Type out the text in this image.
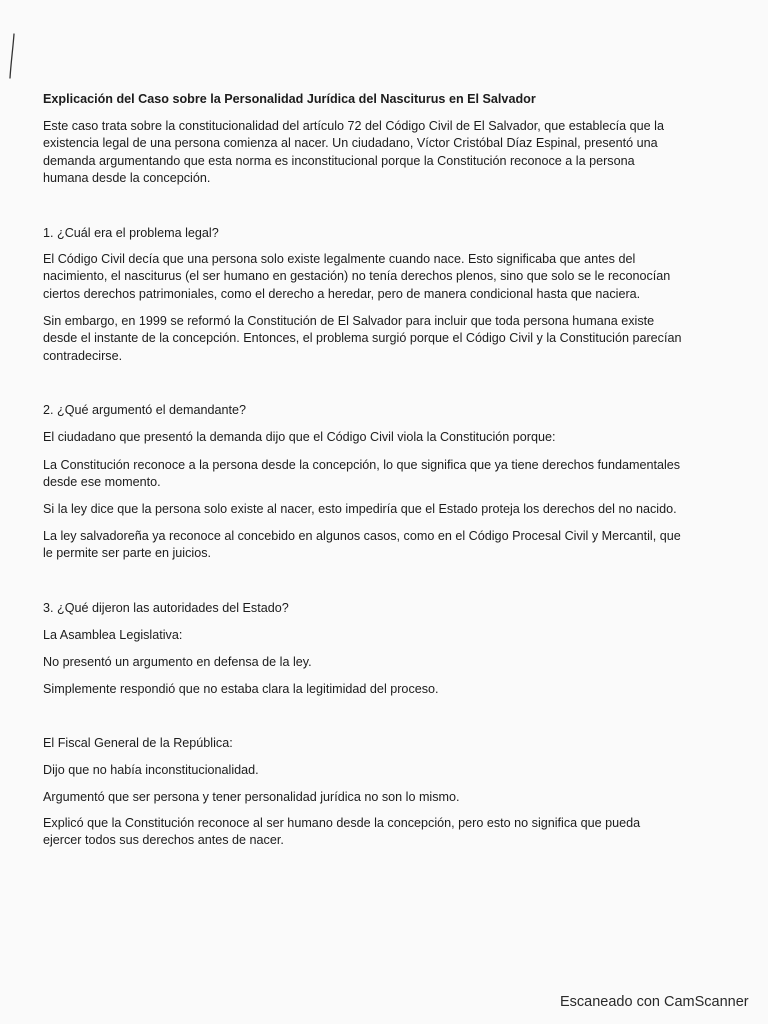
Explicación del Caso sobre la Personalidad Jurídica del Nasciturus en El Salvador
Este caso trata sobre la constitucionalidad del artículo 72 del Código Civil de El Salvador, que establecía que la
existencia legal de una persona comienza al nacer. Un ciudadano, Víctor Cristóbal Díaz Espinal, presentó una
demanda argumentando que esta norma es inconstitucional porque la Constitución reconoce a la persona
humana desde la concepción.
1. ¿Cuál era el problema legal?
El Código Civil decía que una persona solo existe legalmente cuando nace. Esto significaba que antes del
nacimiento, el nasciturus (el ser humano en gestación) no tenía derechos plenos, sino que solo se le reconocían
ciertos derechos patrimoniales, como el derecho a heredar, pero de manera condicional hasta que naciera.
Sin embargo, en 1999 se reformó la Constitución de El Salvador para incluir que toda persona humana existe
desde el instante de la concepción. Entonces, el problema surgió porque el Código Civil y la Constitución parecían
contradecirse.
2. ¿Qué argumentó el demandante?
El ciudadano que presentó la demanda dijo que el Código Civil viola la Constitución porque:
La Constitución reconoce a la persona desde la concepción, lo que significa que ya tiene derechos fundamentales
desde ese momento.
Si la ley dice que la persona solo existe al nacer, esto impediría que el Estado proteja los derechos del no nacido.
La ley salvadoreña ya reconoce al concebido en algunos casos, como en el Código Procesal Civil y Mercantil, que
le permite ser parte en juicios.
3. ¿Qué dijeron las autoridades del Estado?
La Asamblea Legislativa:
No presentó un argumento en defensa de la ley.
Simplemente respondió que no estaba clara la legitimidad del proceso.
El Fiscal General de la República:
Dijo que no había inconstitucionalidad.
Argumentó que ser persona y tener personalidad jurídica no son lo mismo.
Explicó que la Constitución reconoce al ser humano desde la concepción, pero esto no significa que pueda
ejercer todos sus derechos antes de nacer.
Escaneado con CamScanner
